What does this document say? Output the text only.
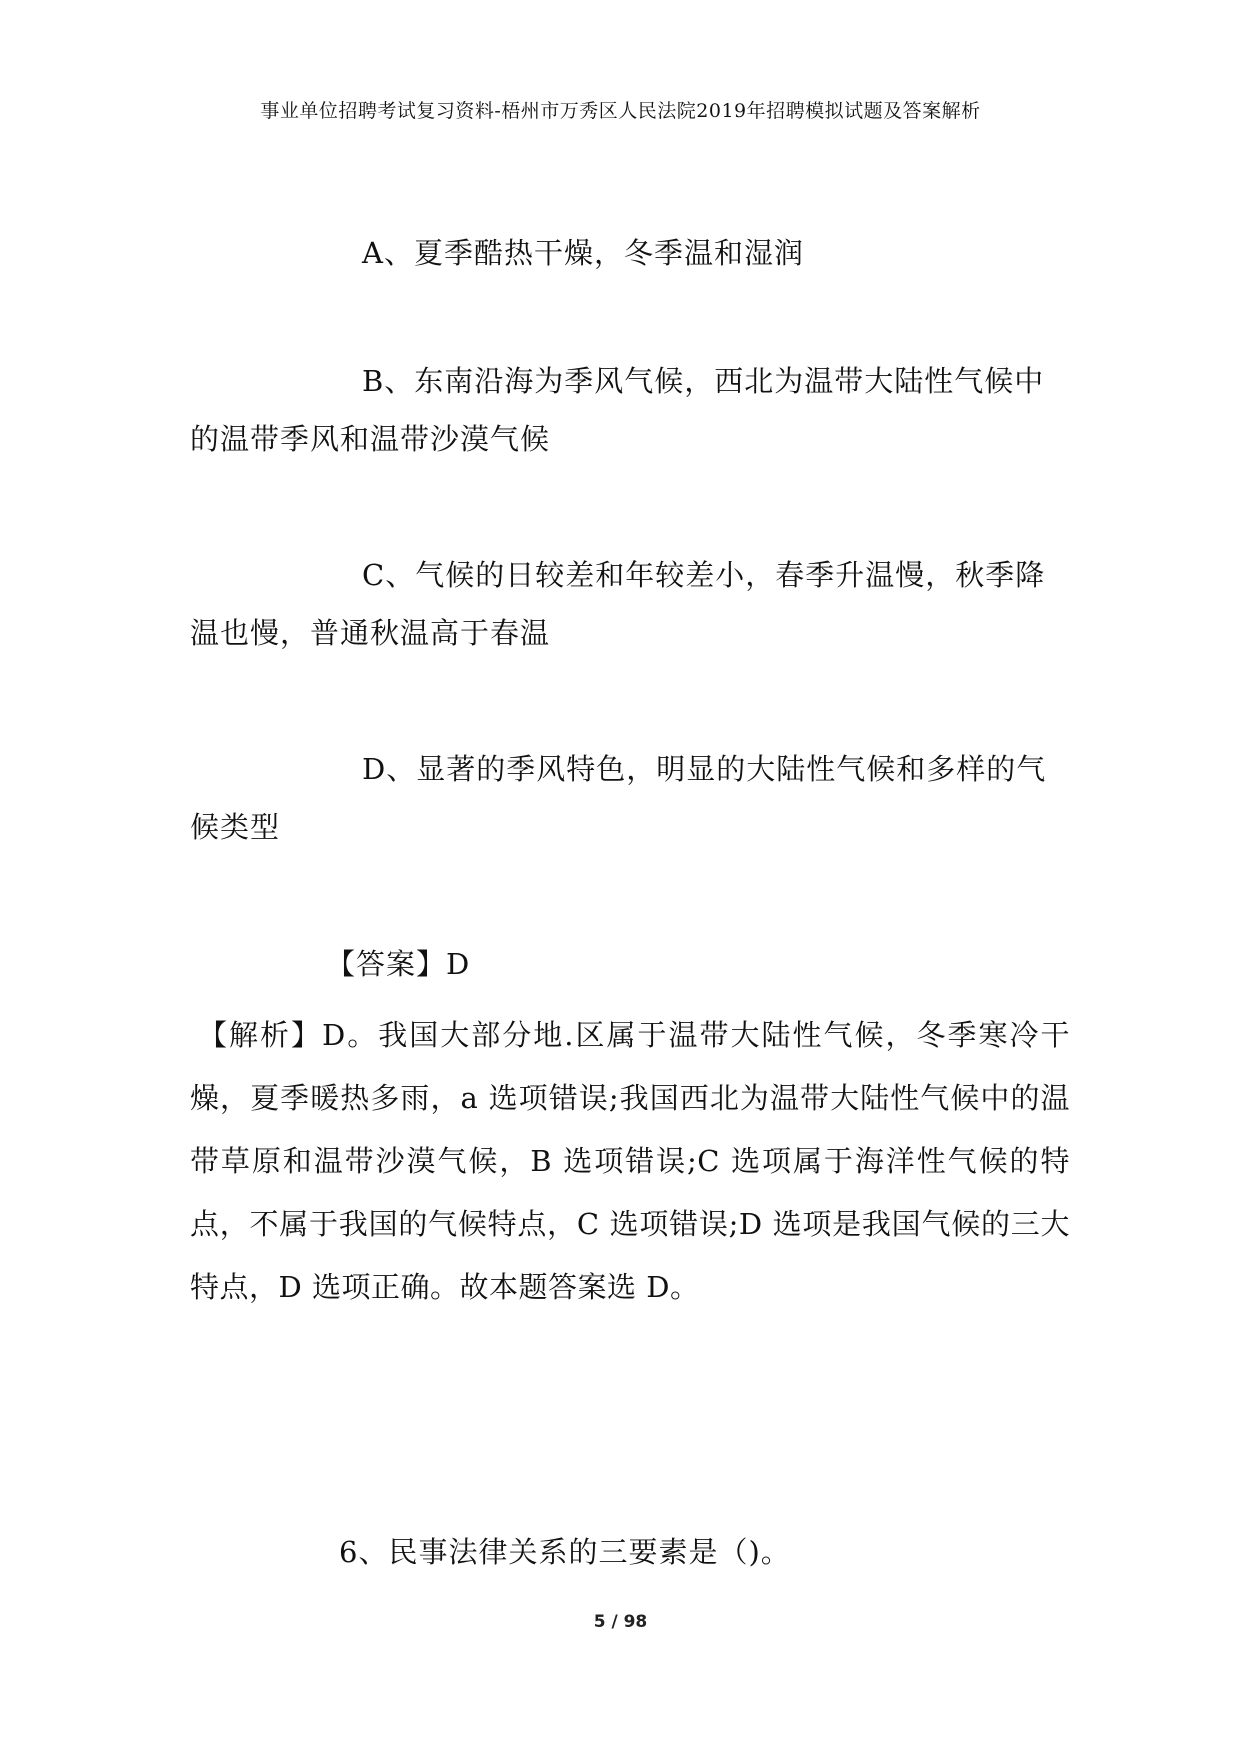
事业单位招聘考试复习资料-梧州市万秀区人民法院2019年招聘模拟试题及答案解析
A、夏季酷热干燥，冬季温和湿润
B、东南沿海为季风气候，西北为温带大陆性气候中的温带季风和温带沙漠气候
C、气候的日较差和年较差小，春季升温慢，秋季降温也慢，普通秋温高于春温
D、显著的季风特色，明显的大陆性气候和多样的气候类型
【答案】D
【解析】D。我国大部分地.区属于温带大陆性气候，冬季寒冷干燥，夏季暖热多雨，a 选项错误;我国西北为温带大陆性气候中的温带草原和温带沙漠气候，B 选项错误;C 选项属于海洋性气候的特点，不属于我国的气候特点，C 选项错误;D 选项是我国气候的三大特点，D 选项正确。故本题答案选 D。
6、民事法律关系的三要素是（)。
5 / 98
